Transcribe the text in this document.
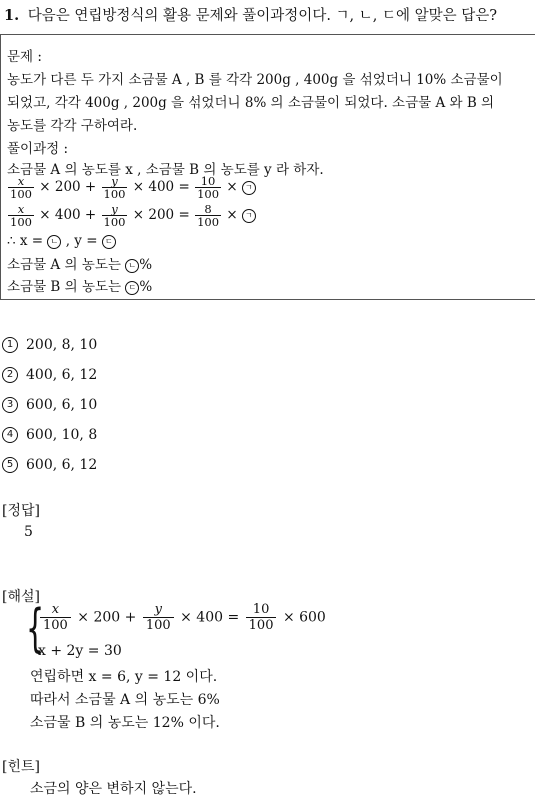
1. 다음은 연립방정식의 활용 문제와 풀이과정이다. ㄱ, ㄴ, ㄷ에 알맞은 답은?
문제 :
농도가 다른 두 가지 소금물 A , B 를 각각 200g , 400g 을 섞었더니 10% 소금물이
되었고, 각각 400g , 200g 을 섞었더니 8% 의 소금물이 되었다. 소금물 A 와 B 의
농도를 각각 구하여라.
풀이과정 :
소금물 A 의 농도를 x , 소금물 B 의 농도를 y 라 하자.
$\frac{x}{100} \times 200 + \frac{y}{100} \times 400 = \frac{10}{100}$ × ㄱ
$\frac{x}{100} \times 400 + \frac{y}{100} \times 200 = \frac{8}{100}$ × ㄱ
∴ x = ㄴ , y = ㄷ
소금물 A 의 농도는 ㄴ %
소금물 B 의 농도는 ㄷ %
1 200, 8, 10
2 400, 6, 12
3 600, 6, 10
4 600, 10, 8
5 600, 6, 12
[정답]
5
[해설]
{
$\frac{x}{100} \times 200 + \frac{y}{100} \times 400 = \frac{10}{100} \times 600$
x + 2y = 30
연립하면 x = 6, y = 12 이다.
따라서 소금물 A 의 농도는 6%
소금물 B 의 농도는 12% 이다.
[힌트]
소금의 양은 변하지 않는다.
